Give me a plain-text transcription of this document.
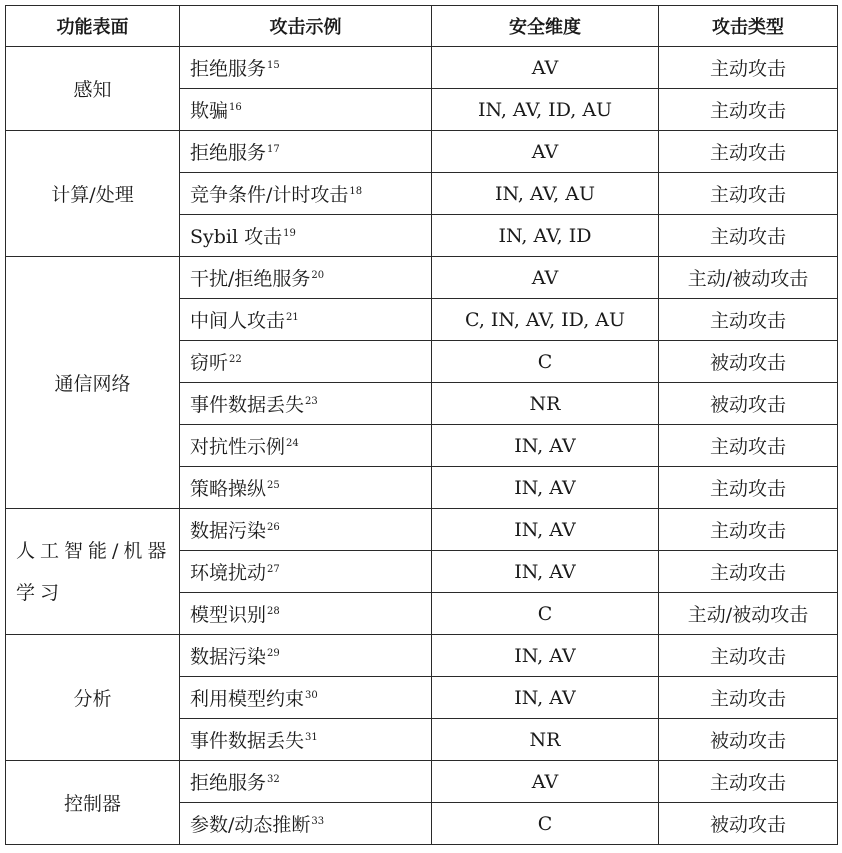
功能表面	攻击示例	安全维度	攻击类型
感知	拒绝服务$^{15}$	AV	主动攻击
	欺骗$^{16}$	IN, AV, ID, AU	主动攻击
计算/处理	拒绝服务$^{17}$	AV	主动攻击
	竞争条件/计时攻击$^{18}$	IN, AV, AU	主动攻击
	Sybil 攻击$^{19}$	IN, AV, ID	主动攻击
通信网络	干扰/拒绝服务$^{20}$	AV	主动/被动攻击
	中间人攻击$^{21}$	C, IN, AV, ID, AU	主动攻击
	窃听$^{22}$	C	被动攻击
	事件数据丢失$^{23}$	NR	被动攻击
	对抗性示例$^{24}$	IN, AV	主动攻击
	策略操纵$^{25}$	IN, AV	主动攻击
人工智能/机器学习	数据污染$^{26}$	IN, AV	主动攻击
	环境扰动$^{27}$	IN, AV	主动攻击
	模型识别$^{28}$	C	主动/被动攻击
分析	数据污染$^{29}$	IN, AV	主动攻击
	利用模型约束$^{30}$	IN, AV	主动攻击
	事件数据丢失$^{31}$	NR	被动攻击
控制器	拒绝服务$^{32}$	AV	主动攻击
	参数/动态推断$^{33}$	C	被动攻击
